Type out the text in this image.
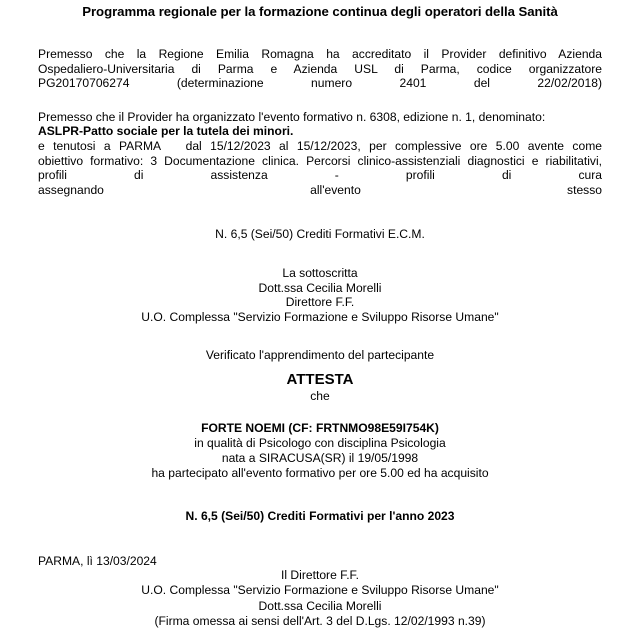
Programma regionale per la formazione continua degli operatori della Sanità
Premesso che la Regione Emilia Romagna ha accreditato il Provider definitivo Azienda
Ospedaliero-Universitaria di Parma e Azienda USL di Parma, codice organizzatore
PG20170706274 (determinazione numero 2401 del 22/02/2018)
Premesso che il Provider ha organizzato l'evento formativo n. 6308, edizione n. 1, denominato:
ASLPR-Patto sociale per la tutela dei minori.
e tenutosi a PARMA   dal 15/12/2023 al 15/12/2023, per complessive ore 5.00 avente come
obiettivo formativo: 3 Documentazione clinica. Percorsi clinico-assistenziali diagnostici e riabilitativi,
profili di assistenza - profili di cura
assegnando all'evento stesso

N. 6,5 (Sei/50) Crediti Formativi E.C.M.

La sottoscritta

Dott.ssa Cecilia Morelli

Direttore F.F.

U.O. Complessa "Servizio Formazione e Sviluppo Risorse Umane"

Verificato l'apprendimento del partecipante

ATTESTA

che

FORTE NOEMI (CF: FRTNMO98E59I754K)

in qualità di Psicologo con disciplina Psicologia

nata a SIRACUSA(SR) il 19/05/1998

ha partecipato all'evento formativo per ore 5.00 ed ha acquisito

N. 6,5 (Sei/50) Crediti Formativi per l'anno 2023

PARMA, lì 13/03/2024

Il Direttore F.F.

U.O. Complessa "Servizio Formazione e Sviluppo Risorse Umane"

Dott.ssa Cecilia Morelli

(Firma omessa ai sensi dell'Art. 3 del D.Lgs. 12/02/1993 n.39)
